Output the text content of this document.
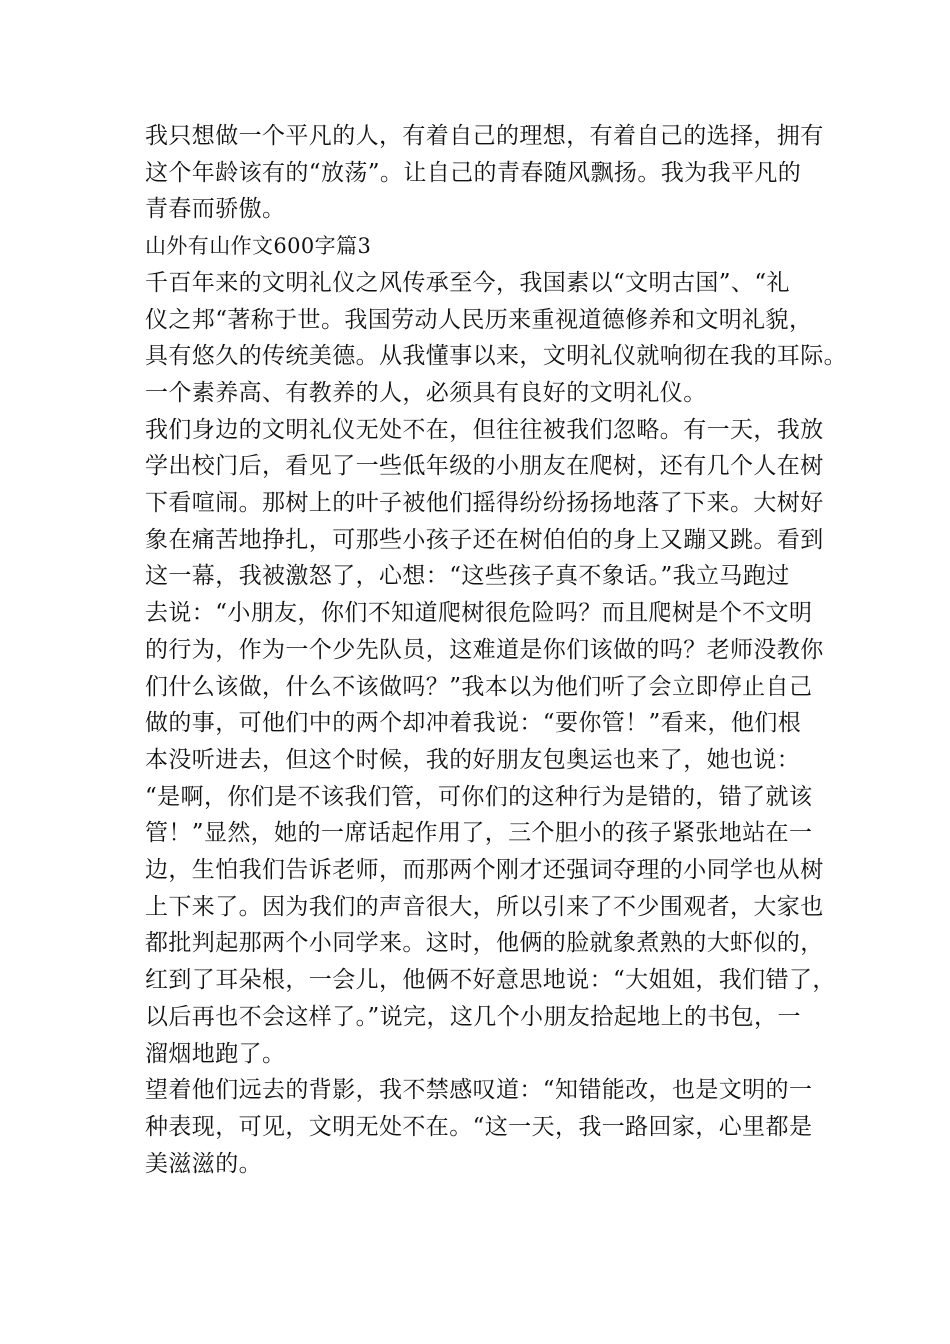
我只想做一个平凡的人，有着自己的理想，有着自己的选择，拥有

这个年龄该有的“放荡”。让自己的青春随风飘扬。我为我平凡的

青春而骄傲。

山外有山作文600字篇3

千百年来的文明礼仪之风传承至今，我国素以“文明古国”、“礼

仪之邦“著称于世。我国劳动人民历来重视道德修养和文明礼貌，

具有悠久的传统美德。从我懂事以来，文明礼仪就响彻在我的耳际。

一个素养高、有教养的人，必须具有良好的文明礼仪。

我们身边的文明礼仪无处不在，但往往被我们忽略。有一天，我放

学出校门后，看见了一些低年级的小朋友在爬树，还有几个人在树

下看喧闹。那树上的叶子被他们摇得纷纷扬扬地落了下来。大树好

象在痛苦地挣扎，可那些小孩子还在树伯伯的身上又蹦又跳。看到

这一幕，我被激怒了，心想：“这些孩子真不象话。”我立马跑过

去说：“小朋友，你们不知道爬树很危险吗？而且爬树是个不文明

的行为，作为一个少先队员，这难道是你们该做的吗？老师没教你

们什么该做，什么不该做吗？”我本以为他们听了会立即停止自己

做的事，可他们中的两个却冲着我说：“要你管！”看来，他们根

本没听进去，但这个时候，我的好朋友包奥运也来了，她也说：

“是啊，你们是不该我们管，可你们的这种行为是错的，错了就该

管！”显然，她的一席话起作用了，三个胆小的孩子紧张地站在一

边，生怕我们告诉老师，而那两个刚才还强词夺理的小同学也从树

上下来了。因为我们的声音很大，所以引来了不少围观者，大家也

都批判起那两个小同学来。这时，他俩的脸就象煮熟的大虾似的，

红到了耳朵根，一会儿，他俩不好意思地说：“大姐姐，我们错了，

以后再也不会这样了。”说完，这几个小朋友拾起地上的书包，一

溜烟地跑了。

望着他们远去的背影，我不禁感叹道：“知错能改，也是文明的一

种表现，可见，文明无处不在。“这一天，我一路回家，心里都是

美滋滋的。
